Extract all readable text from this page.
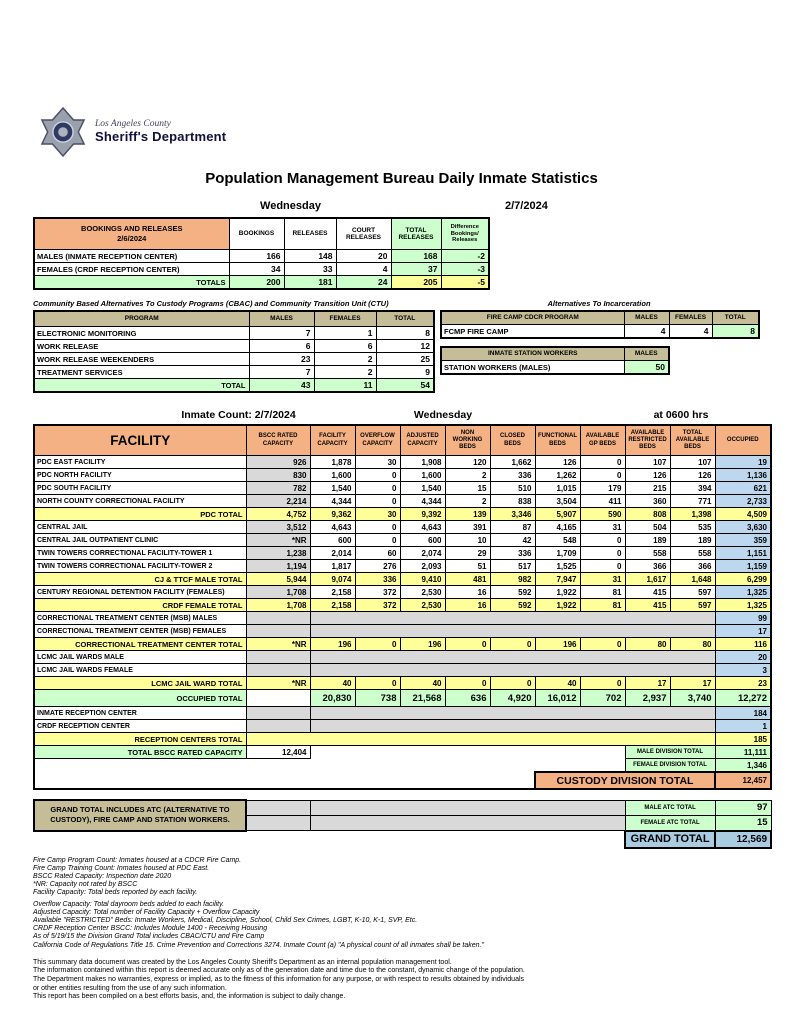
Los Angeles County
Sheriff's Department
Population Management Bureau Daily Inmate Statistics
Wednesday	2/7/2024
BOOKINGS AND RELEASES
2/6/2024	BOOKINGS	RELEASES	COURT RELEASES	TOTAL RELEASES	Difference Bookings/ Releases
MALES (INMATE RECEPTION CENTER)	166	148	20	168	-2
FEMALES (CRDF RECEPTION CENTER)	34	33	4	37	-3
TOTALS	200	181	24	205	-5
Community Based Alternatives To Custody Programs (CBAC) and Community Transition Unit (CTU)
PROGRAM	MALES	FEMALES	TOTAL
ELECTRONIC MONITORING	7	1	8
WORK RELEASE	6	6	12
WORK RELEASE WEEKENDERS	23	2	25
TREATMENT SERVICES	7	2	9
TOTAL	43	11	54
Alternatives To Incarceration
FIRE CAMP CDCR PROGRAM	MALES	FEMALES	TOTAL
FCMP FIRE CAMP	4	4	8
INMATE STATION WORKERS	MALES
STATION WORKERS (MALES)	50
Inmate Count: 2/7/2024	Wednesday	at 0600 hrs
FACILITY	BSCC RATED CAPACITY	FACILITY CAPACITY	OVERFLOW CAPACITY	ADJUSTED CAPACITY	NON WORKING BEDS	CLOSED BEDS	FUNCTIONAL BEDS	AVAILABLE GP BEDS	AVAILABLE RESTRICTED BEDS	TOTAL AVAILABLE BEDS	OCCUPIED
PDC EAST FACILITY	926	1,878	30	1,908	120	1,662	126	0	107	107	19
PDC NORTH FACILITY	830	1,600	0	1,600	2	336	1,262	0	126	126	1,136
PDC SOUTH FACILITY	782	1,540	0	1,540	15	510	1,015	179	215	394	621
NORTH COUNTY CORRECTIONAL FACILITY	2,214	4,344	0	4,344	2	838	3,504	411	360	771	2,733
PDC TOTAL	4,752	9,362	30	9,392	139	3,346	5,907	590	808	1,398	4,509
CENTRAL JAIL	3,512	4,643	0	4,643	391	87	4,165	31	504	535	3,630
CENTRAL JAIL OUTPATIENT CLINIC	*NR	600	0	600	10	42	548	0	189	189	359
TWIN TOWERS CORRECTIONAL FACILITY-TOWER 1	1,238	2,014	60	2,074	29	336	1,709	0	558	558	1,151
TWIN TOWERS CORRECTIONAL FACILITY-TOWER 2	1,194	1,817	276	2,093	51	517	1,525	0	366	366	1,159
CJ & TTCF MALE TOTAL	5,944	9,074	336	9,410	481	982	7,947	31	1,617	1,648	6,299
CENTURY REGIONAL DETENTION FACILITY (FEMALES)	1,708	2,158	372	2,530	16	592	1,922	81	415	597	1,325
CRDF FEMALE TOTAL	1,708	2,158	372	2,530	16	592	1,922	81	415	597	1,325
CORRECTIONAL TREATMENT CENTER (MSB) MALES											99
CORRECTIONAL TREATMENT CENTER (MSB) FEMALES											17
CORRECTIONAL TREATMENT CENTER TOTAL	*NR	196	0	196	0	0	196	0	80	80	116
LCMC JAIL WARDS MALE											20
LCMC JAIL WARDS FEMALE											3
LCMC JAIL WARD TOTAL	*NR	40	0	40	0	0	40	0	17	17	23
OCCUPIED TOTAL		20,830	738	21,568	636	4,920	16,012	702	2,937	3,740	12,272
INMATE RECEPTION CENTER											184
CRDF RECEPTION CENTER											1
RECEPTION CENTERS TOTAL											185
TOTAL BSCC RATED CAPACITY	12,404								MALE DIVISION TOTAL		11,111
									FEMALE DIVISION TOTAL		1,346
							CUSTODY DIVISION TOTAL				12,457
GRAND TOTAL INCLUDES ATC (ALTERNATIVE TO
CUSTODY), FIRE CAMP AND STATION WORKERS.			MALE ATC TOTAL	97
			FEMALE ATC TOTAL	15
			GRAND TOTAL	12,569
Fire Camp Program Count: Inmates housed at a CDCR Fire Camp.
Fire Camp Training Count: Inmates housed at PDC East.
BSCC Rated Capacity: Inspection date 2020
*NR: Capacity not rated by BSCC
Facility Capacity: Total beds reported by each facility.
Overflow Capacity: Total dayroom beds added to each facility.
Adjusted Capacity: Total number of Facility Capacity + Overflow Capacity
Available "RESTRICTED" Beds: Inmate Workers, Medical, Discipline, School, Child Sex Crimes, LGBT, K-10, K-1, SVP, Etc.
CRDF Reception Center BSCC: Includes Module 1400 - Receiving Housing
As of 5/19/15 the Division Grand Total includes CBAC/CTU and Fire Camp
California Code of Regulations Title 15. Crime Prevention and Corrections 3274. Inmate Count (a) "A physical count of all inmates shall be taken."
This summary data document was created by the Los Angeles County Sheriff's Department as an internal population management tool.
The information contained within this report is deemed accurate only as of the generation date and time due to the constant, dynamic change of the population.
The Department makes no warranties, express or implied, as to the fitness of this information for any purpose, or with respect to results obtained by individuals
or other entities resulting from the use of any such information.
This report has been compiled on a best efforts basis, and, the information is subject to daily change.
